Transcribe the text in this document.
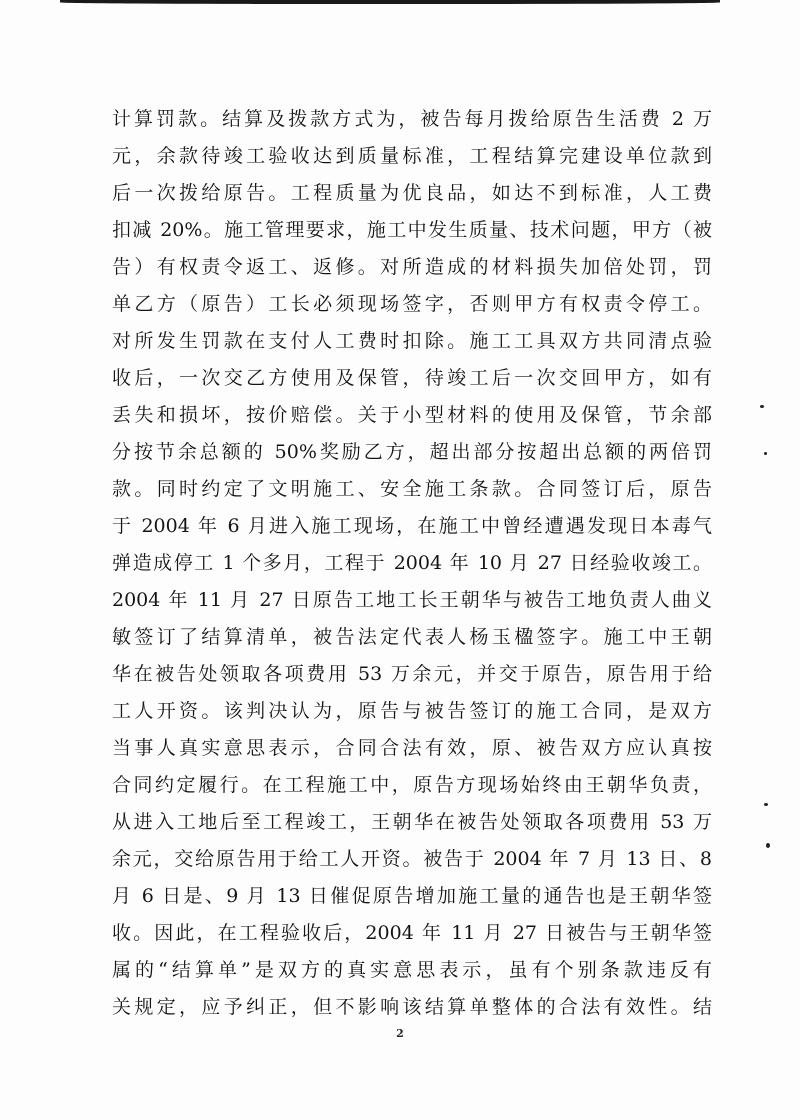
计算罚款。结算及拨款方式为，被告每月拨给原告生活费 2 万
元，余款待竣工验收达到质量标准，工程结算完建设单位款到
后一次拨给原告。工程质量为优良品，如达不到标准，人工费
扣减 20%。施工管理要求，施工中发生质量、技术问题，甲方（被
告）有权责令返工、返修。对所造成的材料损失加倍处罚，罚
单乙方（原告）工长必须现场签字，否则甲方有权责令停工。
对所发生罚款在支付人工费时扣除。施工工具双方共同清点验
收后，一次交乙方使用及保管，待竣工后一次交回甲方，如有
丢失和损坏，按价赔偿。关于小型材料的使用及保管，节余部
分按节余总额的 50%奖励乙方，超出部分按超出总额的两倍罚
款。同时约定了文明施工、安全施工条款。合同签订后，原告
于 2004 年 6 月进入施工现场，在施工中曾经遭遇发现日本毒气
弹造成停工 1 个多月，工程于 2004 年 10 月 27 日经验收竣工。
2004 年 11 月 27 日原告工地工长王朝华与被告工地负责人曲义
敏签订了结算清单，被告法定代表人杨玉楹签字。施工中王朝
华在被告处领取各项费用 53 万余元，并交于原告，原告用于给
工人开资。该判决认为，原告与被告签订的施工合同，是双方
当事人真实意思表示，合同合法有效，原、被告双方应认真按
合同约定履行。在工程施工中，原告方现场始终由王朝华负责，
从进入工地后至工程竣工，王朝华在被告处领取各项费用 53 万
余元，交给原告用于给工人开资。被告于 2004 年 7 月 13 日、8
月 6 日是、9 月 13 日催促原告增加施工量的通告也是王朝华签
收。因此，在工程验收后，2004 年 11 月 27 日被告与王朝华签
属的“结算单”是双方的真实意思表示，虽有个别条款违反有
关规定，应予纠正，但不影响该结算单整体的合法有效性。结
2
